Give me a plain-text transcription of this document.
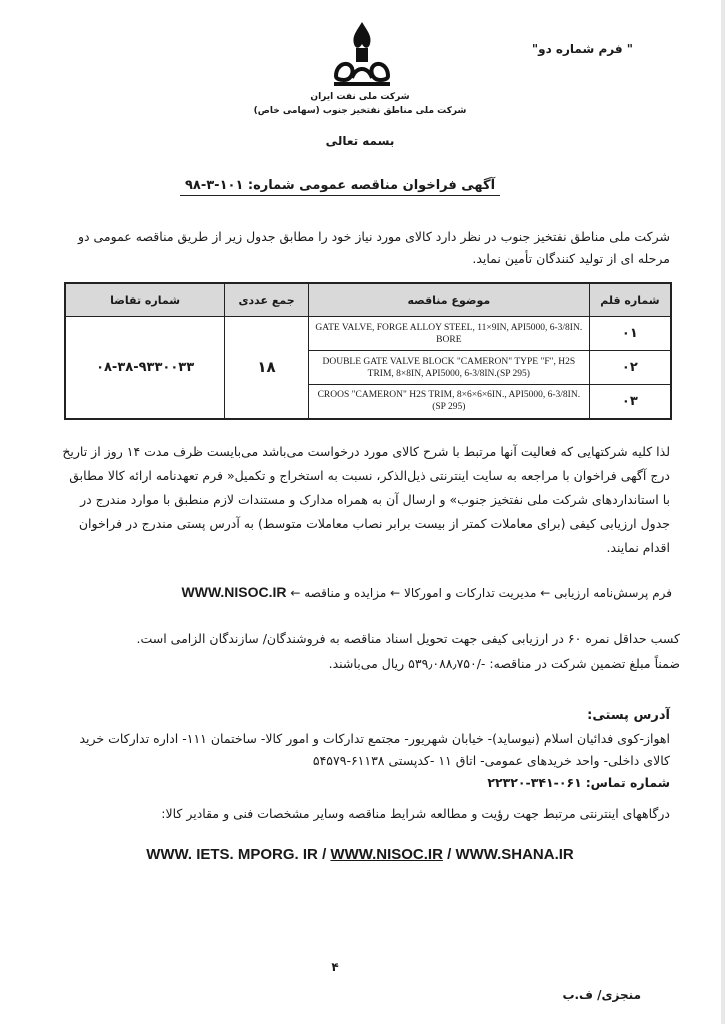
" فرم شماره دو"
شرکت ملی نفت ایران
شرکت ملی مناطق نفتخیز جنوب (سهامی خاص)
بسمه تعالی
آگهی فراخوان مناقصه عمومی شماره: ۱۰۱-۳-۹۸
شرکت ملی مناطق نفتخیز جنوب در نظر دارد کالای مورد نیاز خود را مطابق جدول زیر از طریق مناقصه عمومی دو مرحله ای از تولید کنندگان تأمین نماید.
شماره قلم	موضوع مناقصه	جمع عددی	شماره تقاضا
۰۱	GATE VALVE, FORGE ALLOY STEEL, 11×9IN, API5000, 6-3/8IN. BORE	۱۸	۰۸-۳۸-۹۳۳۰۰۳۳
۰۲	DOUBLE GATE VALVE BLOCK "CAMERON" TYPE "F", H2S TRIM, 8×8IN, API5000, 6-3/8IN.(SP 295)		
۰۳	CROOS "CAMERON" H2S TRIM, 8×6×6×6IN., API5000, 6-3/8IN.(SP 295)		
لذا کلیه شرکتهایی که فعالیت آنها مرتبط با شرح کالای مورد درخواست می‌باشد می‌بایست ظرف مدت ۱۴ روز از تاریخ درج آگهی فراخوان با مراجعه به سایت اینترنتی ذیل‌الذکر، نسبت به استخراج و تکمیل« فرم تعهدنامه ارائه کالا مطابق با استانداردهای شرکت ملی نفتخیز جنوب» و ارسال آن به همراه مدارک و مستندات لازم منطبق با موارد مندرج در جدول ارزیابی کیفی (برای معاملات کمتر از بیست برابر نصاب معاملات متوسط) به آدرس پستی مندرج در فراخوان اقدام نمایند.
فرم پرسش‌نامه ارزیابی ← مدیریت تدارکات و امورکالا ← مزایده و مناقصه ← WWW.NISOC.IR
کسب حداقل نمره ۶۰ در ارزیابی کیفی جهت تحویل اسناد مناقصه به فروشندگان/ سازندگان الزامی است.
ضمناً مبلغ تضمین شرکت در مناقصه: -/۵۳۹٫۰۸۸٫۷۵۰ ریال می‌باشند.
آدرس پستی:
اهواز-کوی فدائیان اسلام (نیوساید)- خیابان شهریور- مجتمع تدارکات و امور کالا- ساختمان ۱۱۱- اداره تدارکات خرید کالای داخلی- واحد خریدهای عمومی- اتاق ۱۱ -کدپستی ۶۱۱۳۸-۵۴۵۷۹
شماره تماس: ۰۶۱-۳۴۱-۲۲۳۲۰
درگاههای اینترنتی مرتبط جهت رؤیت و مطالعه شرایط مناقصه وسایر مشخصات فنی و مقادیر کالا:
WWW. IETS. MPORG. IR / WWW.NISOC.IR / WWW.SHANA.IR
۴
منجزی/ ف.ب
